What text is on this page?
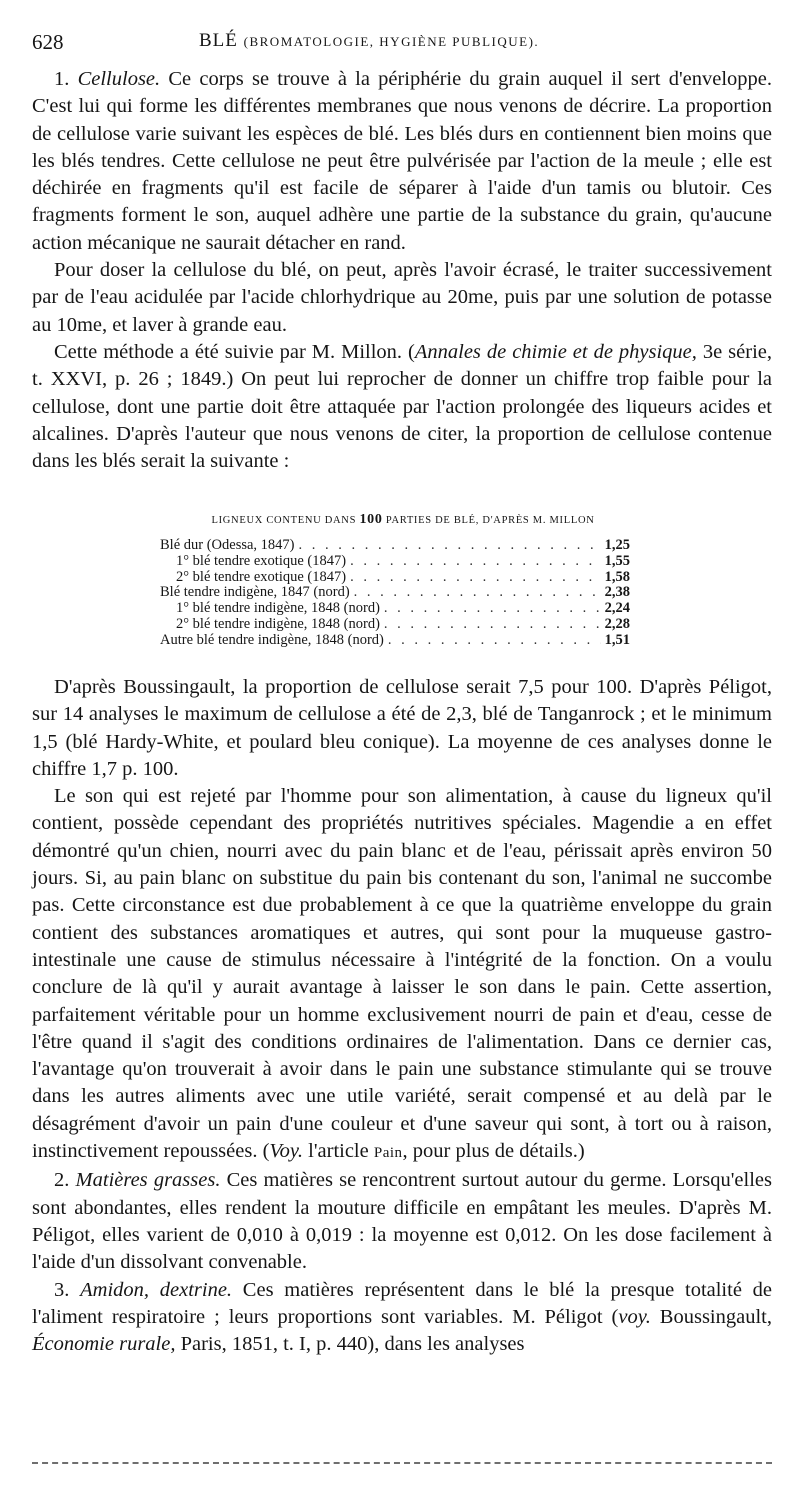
628	BLÉ (BROMATOLOGIE, HYGIÈNE PUBLIQUE).

1. Cellulose. Ce corps se trouve à la périphérie du grain auquel il sert d'enveloppe. C'est lui qui forme les différentes membranes que nous venons de décrire. La proportion de cellulose varie suivant les espèces de blé. Les blés durs en contiennent bien moins que les blés tendres. Cette cellulose ne peut être pulvérisée par l'action de la meule ; elle est déchirée en fragments qu'il est facile de séparer à l'aide d'un tamis ou blutoir. Ces fragments forment le son, auquel adhère une partie de la substance du grain, qu'aucune action mécanique ne saurait détacher en rand.

Pour doser la cellulose du blé, on peut, après l'avoir écrasé, le traiter successivement par de l'eau acidulée par l'acide chlorhydrique au 20me, puis par une solution de potasse au 10me, et laver à grande eau.

Cette méthode a été suivie par M. Millon. (Annales de chimie et de physique, 3e série, t. XXVI, p. 26 ; 1849.) On peut lui reprocher de donner un chiffre trop faible pour la cellulose, dont une partie doit être attaquée par l'action prolongée des liqueurs acides et alcalines. D'après l'auteur que nous venons de citer, la proportion de cellulose contenue dans les blés serait la suivante :

LIGNEUX CONTENU DANS 100 PARTIES DE BLÉ, D'APRÈS M. MILLON
Blé dur (Odessa, 1847) . . .	1,25
1° blé tendre exotique (1847) . . .	1,55
2° blé tendre exotique (1847) . . .	1,58
Blé tendre indigène, 1847 (nord) . . .	2,38
1° blé tendre indigène, 1848 (nord) . . .	2,24
2° blé tendre indigène, 1848 (nord) . . .	2,28
Autre blé tendre indigène, 1848 (nord) . . .	1,51

D'après Boussingault, la proportion de cellulose serait 7,5 pour 100. D'après Péligot, sur 14 analyses le maximum de cellulose a été de 2,3, blé de Tanganrock ; et le minimum 1,5 (blé Hardy-White, et poulard bleu conique). La moyenne de ces analyses donne le chiffre 1,7 p. 100.

Le son qui est rejeté par l'homme pour son alimentation, à cause du ligneux qu'il contient, possède cependant des propriétés nutritives spéciales. Magendie a en effet démontré qu'un chien, nourri avec du pain blanc et de l'eau, périssait après environ 50 jours. Si, au pain blanc on substitue du pain bis contenant du son, l'animal ne succombe pas. Cette circonstance est due probablement à ce que la quatrième enveloppe du grain contient des substances aromatiques et autres, qui sont pour la muqueuse gastro-intestinale une cause de stimulus nécessaire à l'intégrité de la fonction. On a voulu conclure de là qu'il y aurait avantage à laisser le son dans le pain. Cette assertion, parfaitement véritable pour un homme exclusivement nourri de pain et d'eau, cesse de l'être quand il s'agit des conditions ordinaires de l'alimentation. Dans ce dernier cas, l'avantage qu'on trouverait à avoir dans le pain une substance stimulante qui se trouve dans les autres aliments avec une utile variété, serait compensé et au delà par le désagrément d'avoir un pain d'une couleur et d'une saveur qui sont, à tort ou à raison, instinctivement repoussées. (Voy. l'article Pain, pour plus de détails.)

2. Matières grasses. Ces matières se rencontrent surtout autour du germe. Lorsqu'elles sont abondantes, elles rendent la mouture difficile en empâtant les meules. D'après M. Péligot, elles varient de 0,010 à 0,019 : la moyenne est 0,012. On les dose facilement à l'aide d'un dissolvant convenable.

3. Amidon, dextrine. Ces matières représentent dans le blé la presque totalité de l'aliment respiratoire ; leurs proportions sont variables. M. Péligot (voy. Boussingault, Économie rurale, Paris, 1851, t. I, p. 440), dans les analyses
